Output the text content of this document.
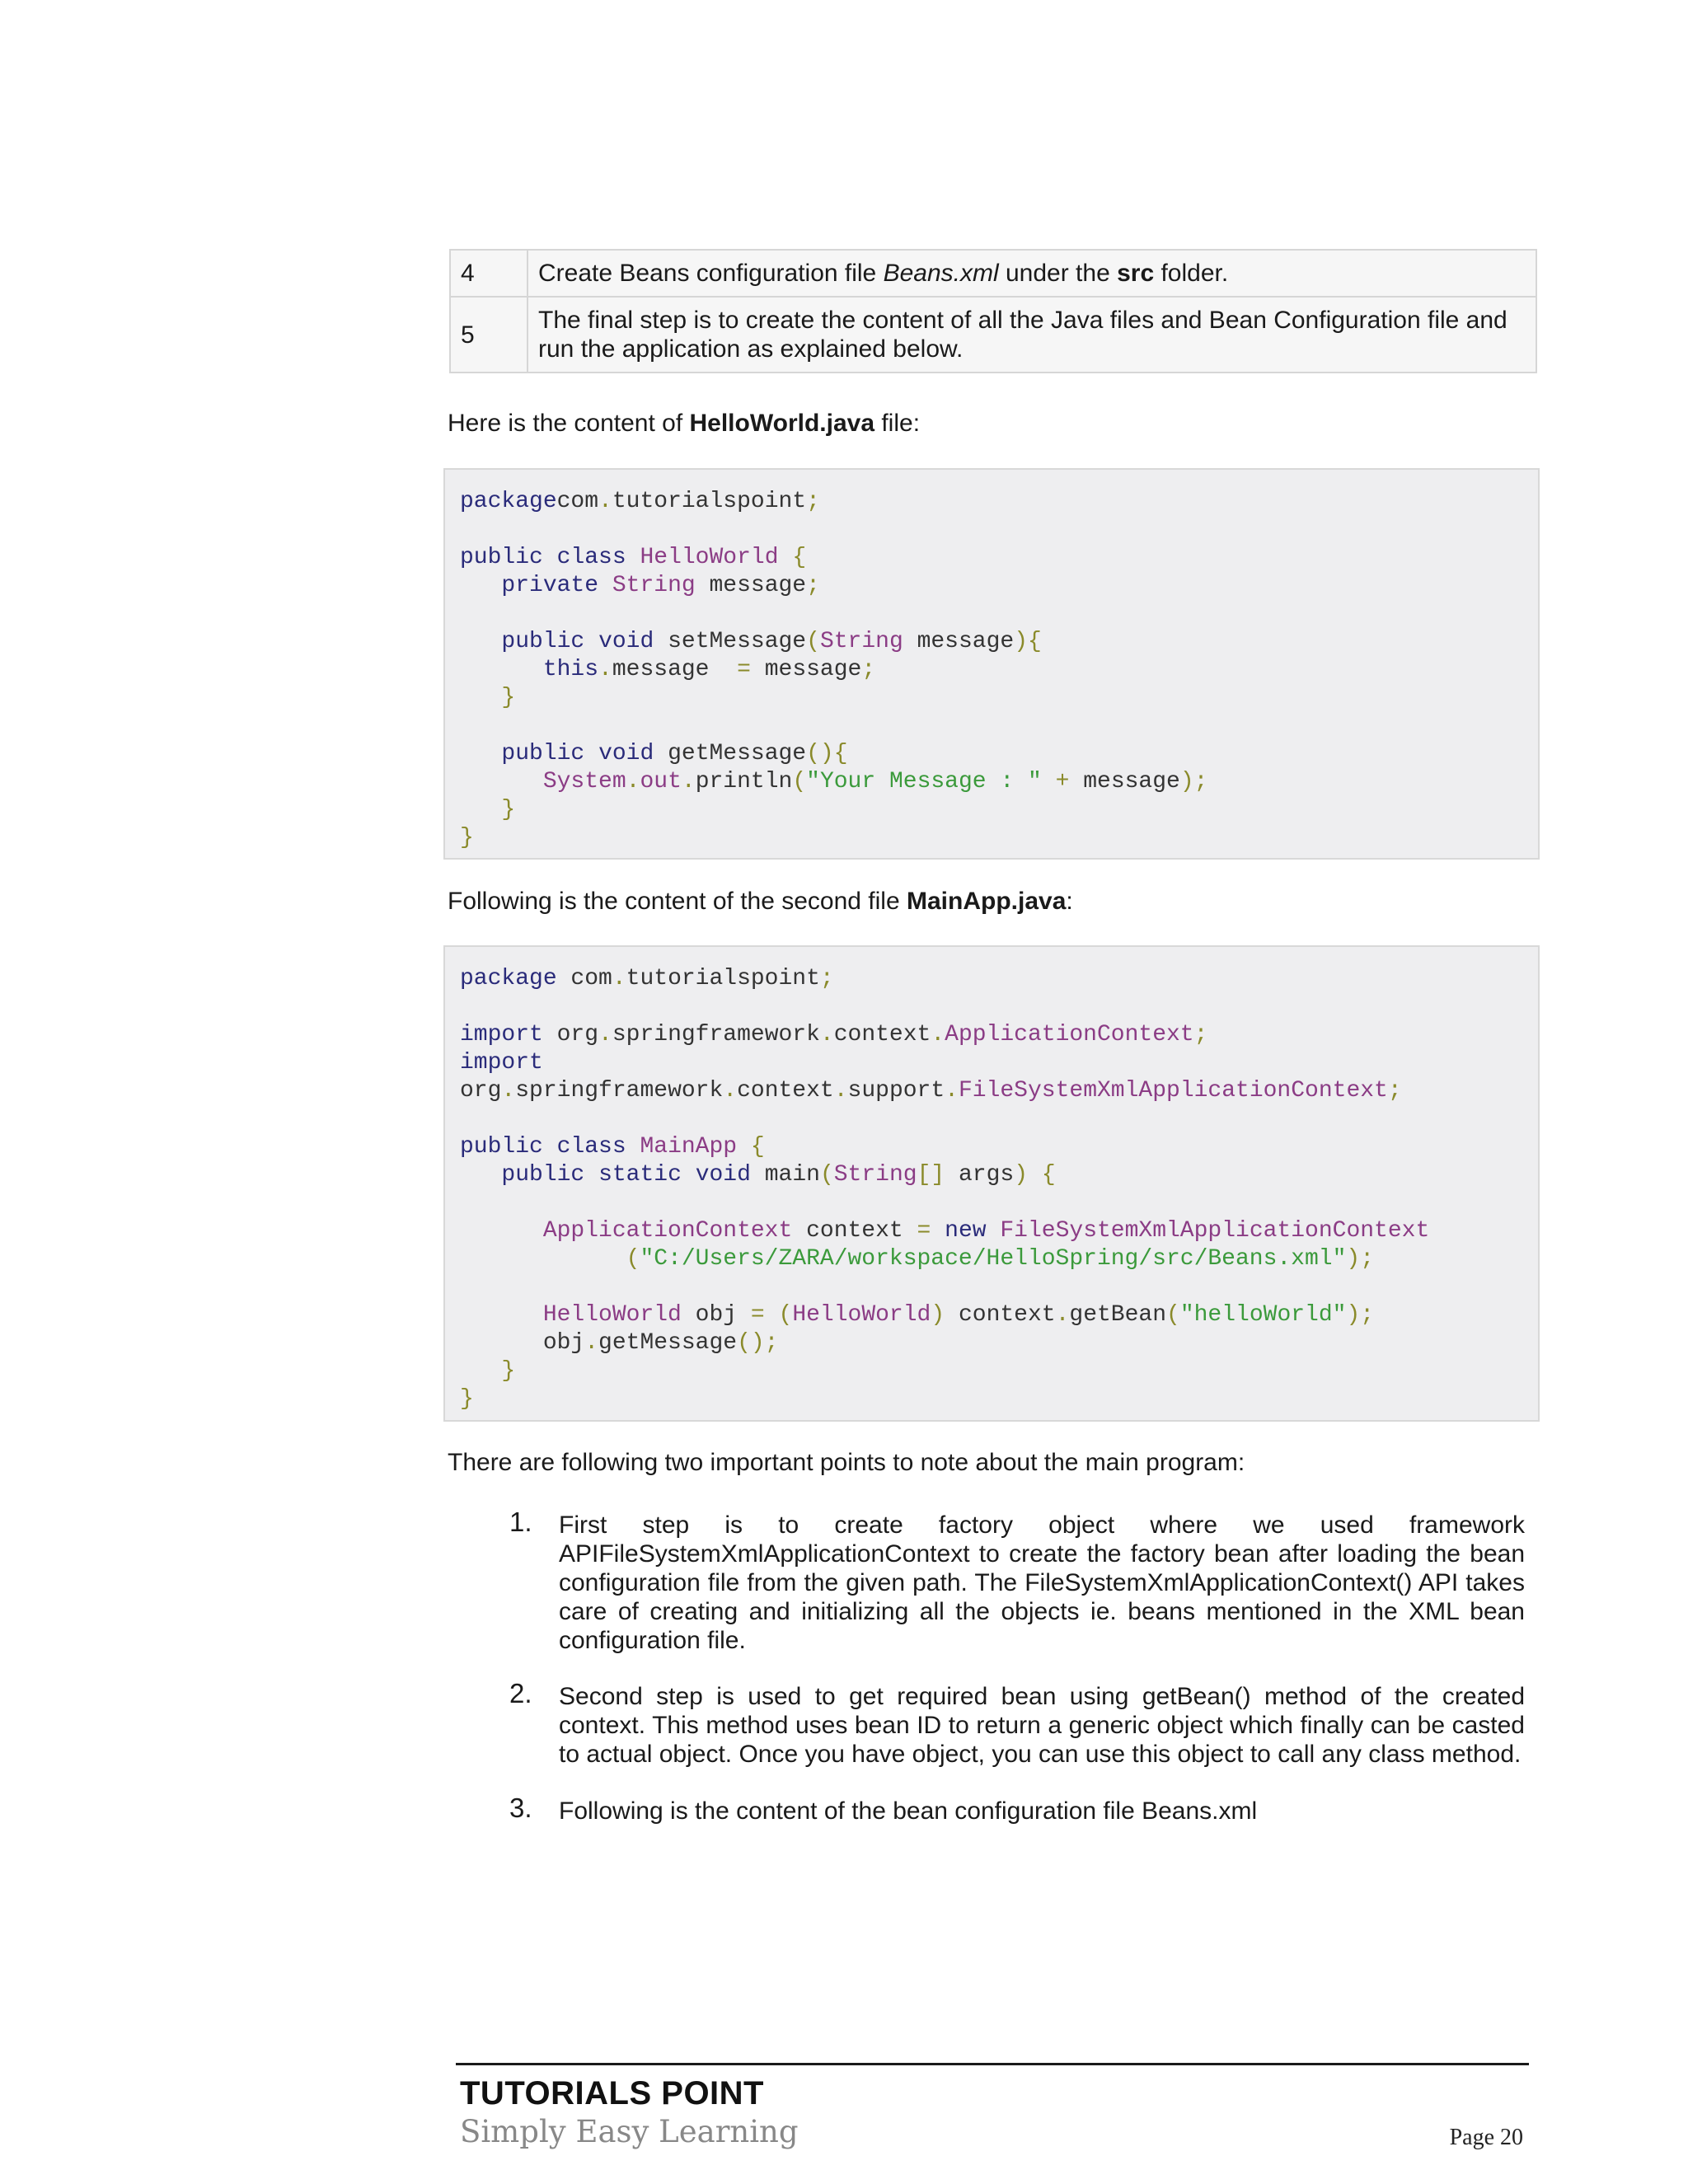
4	Create Beans configuration file Beans.xml under the src folder.
5	The final step is to create the content of all the Java files and Bean Configuration file and run the application as explained below.

Here is the content of HelloWorld.java file:

packagecom.tutorialspoint;

public class HelloWorld {
private String message;

public void setMessage(String message){
this.message  = message;
}

public void getMessage(){
System.out.println("Your Message : " + message);
}
}

Following is the content of the second file MainApp.java:

package com.tutorialspoint;

import org.springframework.context.ApplicationContext;
import
org.springframework.context.support.FileSystemXmlApplicationContext;

public class MainApp {
public static void main(String[] args) {

ApplicationContext context = new FileSystemXmlApplicationContext
("C:/Users/ZARA/workspace/HelloSpring/src/Beans.xml");

HelloWorld obj = (HelloWorld) context.getBean("helloWorld");
obj.getMessage();
}
}

There are following two important points to note about the main program:

1. First step is to create factory object where we used framework APIFileSystemXmlApplicationContext to create the factory bean after loading the bean configuration file from the given path. The FileSystemXmlApplicationContext() API takes care of creating and initializing all the objects ie. beans mentioned in the XML bean configuration file.
2. Second step is used to get required bean using getBean() method of the created context. This method uses bean ID to return a generic object which finally can be casted to actual object. Once you have object, you can use this object to call any class method.
3. Following is the content of the bean configuration file Beans.xml
TUTORIALS POINT
Simply Easy Learning	Page 20
